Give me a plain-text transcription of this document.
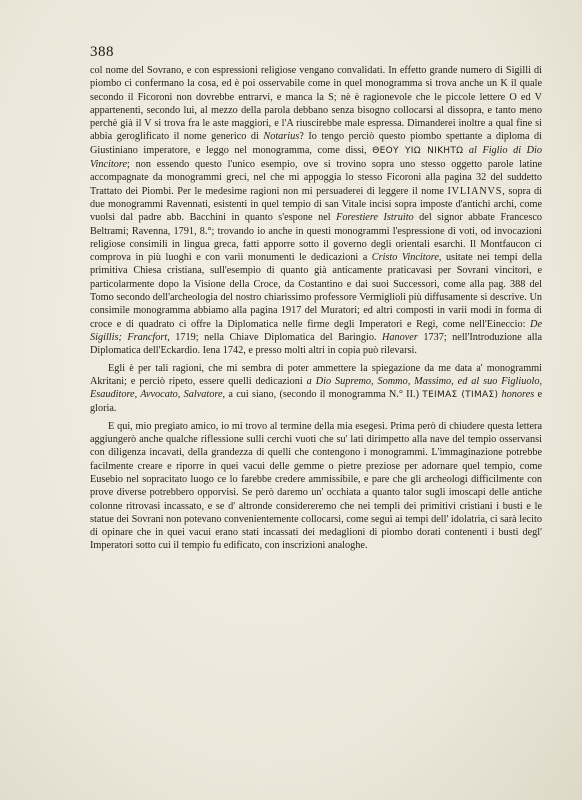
388

col nome del Sovrano, e con espressioni religiose vengano convalidati. In effetto grande numero di Sigilli di piombo ci confermano la cosa, ed è poi osservabile come in quel monogramma si trova anche un K il quale secondo il Ficoroni non dovrebbe entrarvi, e manca la S; nè è ragionevole che le piccole lettere O ed V appartenenti, secondo lui, al mezzo della parola debbano senza bisogno collocarsi al dissopra, e tanto meno perchè già il V si trova fra le aste maggiori, e l'A riuscirebbe male espressa. Dimanderei inoltre a qual fine si abbia geroglificato il nome generico di Notarius? Io tengo perciò questo piombo spettante a diploma di Giustiniano imperatore, e leggo nel monogramma, come dissi, ΘΕΟΥ ΥΙΩ ΝΙΚΗΤΩ al Figlio di Dio Vincitore; non essendo questo l'unico esempio, ove si trovino sopra uno stesso oggetto parole latine accompagnate da monogrammi greci, nel che mi appoggia lo stesso Ficoroni alla pagina 32 del suddetto Trattato dei Piombi. Per le medesime ragioni non mi persuaderei di leggere il nome IVLIANVS, sopra di due monogrammi Ravennati, esistenti in quel tempio di san Vitale incisi sopra imposte d'antichi archi, come vuolsi dal padre abb. Bacchini in quanto s'espone nel Forestiere Istruito del signor abbate Francesco Beltrami; Ravenna, 1791, 8.°; trovando io anche in questi monogrammi l'espressione di voti, od invocazioni religiose consimili in lingua greca, fatti apporre sotto il governo degli orientali esarchi. Il Montfaucon ci comprova in più luoghi e con varii monumenti le dedicazioni a Cristo Vincitore, usitate nei tempi della primitiva Chiesa cristiana, sull'esempio di quanto già anticamente praticavasi per Sovrani vincitori, e particolarmente dopo la Visione della Croce, da Costantino e dai suoi Successori, come alla pag. 388 del Tomo secondo dell'archeologia del nostro chiarissimo professore Vermiglioli più diffusamente si descrive. Un consimile monogramma abbiamo alla pagina 1917 del Muratori; ed altri composti in varii modi in forma di croce e di quadrato ci offre la Diplomatica nelle firme degli Imperatori e Regi, come nell'Eineccio: De Sigillis; Francfort, 1719; nella Chiave Diplomatica del Baringio. Hanover 1737; nell'Introduzione alla Diplomatica dell'Eckardio. Iena 1742, e presso molti altri in copia può rilevarsi.

Egli è per tali ragioni, che mi sembra di poter ammettere la spiegazione da me data a' monogrammi Akritani; e perciò ripeto, essere quelli dedicazioni a Dio Supremo, Sommo, Massimo, ed al suo Figliuolo, Esauditore, Avvocato, Salvatore, a cui siano, (secondo il monogramma N.° II.) ΤΕΙΜΑΣ (ΤΙΜΑΣ) honores e gloria.

E qui, mio pregiato amico, io mi trovo al termine della mia esegesi. Prima però di chiudere questa lettera aggiungerò anche qualche riflessione sulli cerchi vuoti che su' lati dirimpetto alla nave del tempio osservansi con diligenza incavati, della grandezza di quelli che contengono i monogrammi. L'immaginazione potrebbe facilmente creare e riporre in quei vacui delle gemme o pietre preziose per adornare quel tempio, come Eusebio nel sopracitato luogo ce lo farebbe credere ammissibile, e pare che gli archeologi difficilmente con prove diverse potrebbero opporvisi. Se però daremo un' occhiata a quanto talor sugli imoscapi delle antiche colonne ritrovasi incassato, e se d' altronde considereremo che nei templi dei primitivi cristiani i busti e le statue dei Sovrani non potevano convenientemente collocarsi, come seguì ai tempi dell' idolatria, ci sarà lecito di opinare che in quei vacui erano stati incassati dei medaglioni di piombo dorati contenenti i busti degl' Imperatori sotto cui il tempio fu edificato, con inscrizioni analoghe.
